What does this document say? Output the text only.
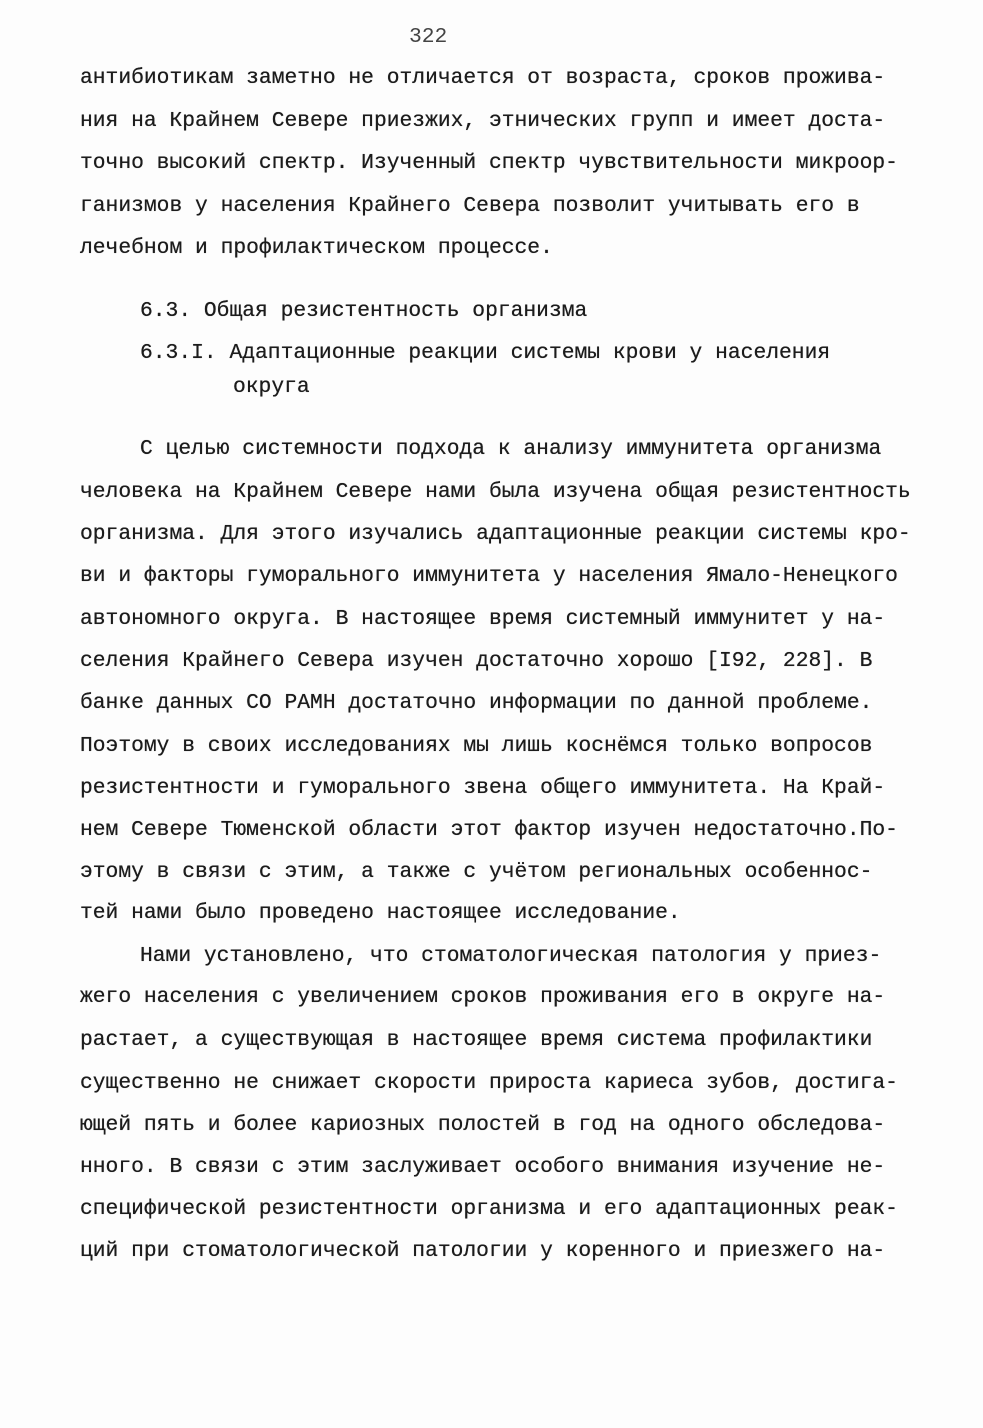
322
антибиотикам заметно не отличается от возраста, сроков прожива-
ния на Крайнем Севере приезжих, этнических групп и имеет доста-
точно высокий спектр. Изученный спектр чувствительности микроор-
ганизмов у населения Крайнего Севера позволит учитывать его в
лечебном и профилактическом процессе.
6.3. Общая резистентность организма
6.3.I. Адаптационные реакции системы крови у населения
округа
С целью системности подхода к анализу иммунитета организма
человека на Крайнем Севере нами была изучена общая резистентность
организма. Для этого изучались адаптационные реакции системы кро-
ви и факторы гуморального иммунитета у населения Ямало-Ненецкого
автономного округа. В настоящее время системный иммунитет у на-
селения Крайнего Севера изучен достаточно хорошо [I92, 228]. В
банке данных СО РАМН достаточно информации по данной проблеме.
Поэтому в своих исследованиях мы лишь коснёмся только вопросов
резистентности и гуморального звена общего иммунитета. На Край-
нем Севере Тюменской области этот фактор изучен недостаточно.По-
этому в связи с этим, а также с учётом региональных особеннос-
тей нами было проведено настоящее исследование.
Нами установлено, что стоматологическая патология у приез-
жего населения с увеличением сроков проживания его в округе на-
растает, а существующая в настоящее время система профилактики
существенно не снижает скорости прироста кариеса зубов, достига-
ющей пять и более кариозных полостей в год на одного обследова-
нного. В связи с этим заслуживает особого внимания изучение не-
специфической резистентности организма и его адаптационных реак-
ций при стоматологической патологии у коренного и приезжего на-
